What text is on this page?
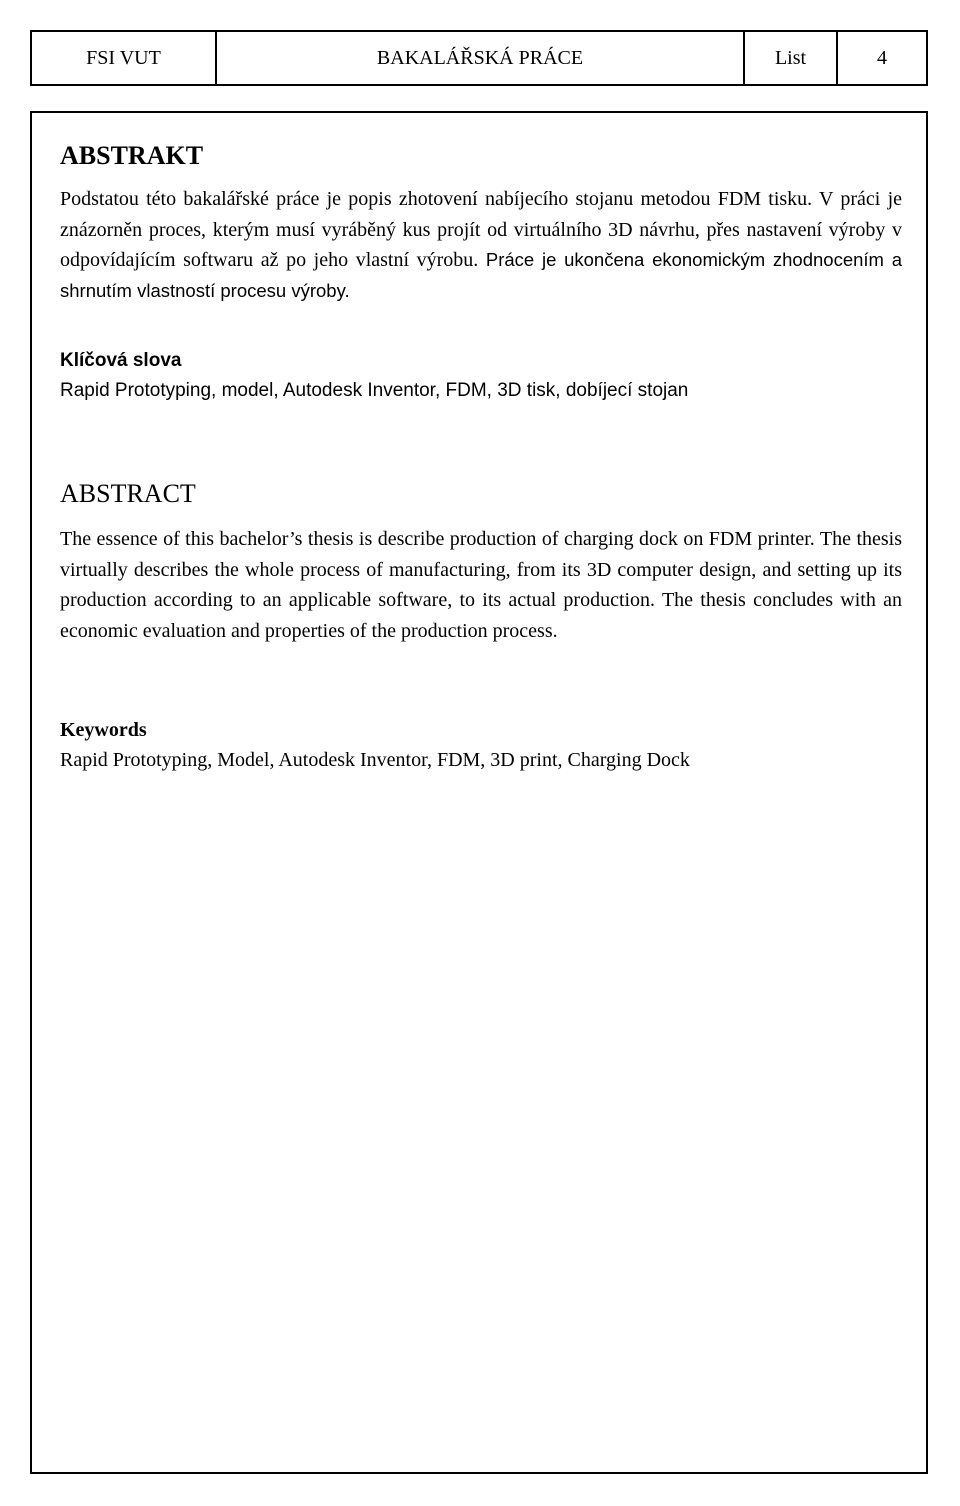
FSI VUT	BAKALÁŘSKÁ PRÁCE	List	4
ABSTRAKT

Podstatou této bakalářské práce je popis zhotovení nabíjecího stojanu metodou FDM tisku. V práci je znázorněn proces, kterým musí vyráběný kus projít od virtuálního 3D návrhu, přes nastavení výroby v odpovídajícím softwaru až po jeho vlastní výrobu. Práce je ukončena ekonomickým zhodnocením a shrnutím vlastností procesu výroby.

Klíčová slova

Rapid Prototyping, model, Autodesk Inventor, FDM, 3D tisk, dobíjecí stojan

ABSTRACT

The essence of this bachelor’s thesis is describe production of charging dock on FDM printer. The thesis virtually describes the whole process of manufacturing, from its 3D computer design, and setting up its production according to an applicable software, to its actual production. The thesis concludes with an economic evaluation and properties of the production process.

Keywords

Rapid Prototyping, Model, Autodesk Inventor, FDM, 3D print, Charging Dock
